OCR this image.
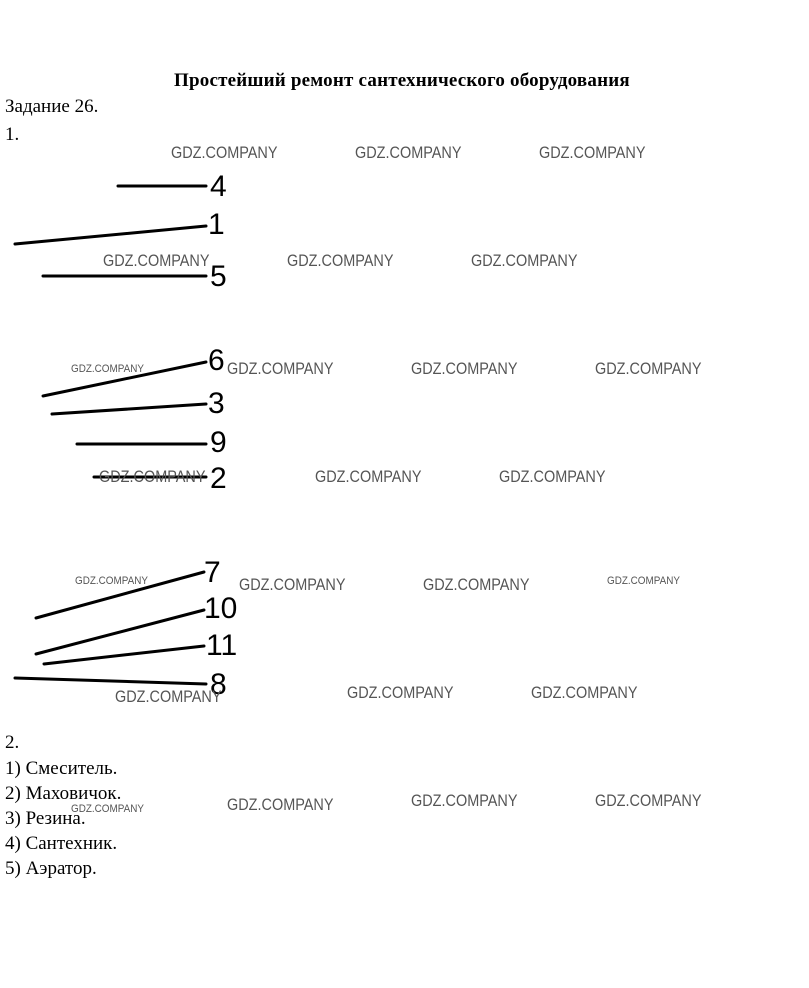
Простейший ремонт сантехнического оборудования
Задание 26.
1.
4
1
5
6
3
9
2
7
10
11
8
2.
1) Смеситель.
2) Маховичок.
3) Резина.
4) Сантехник.
5) Аэратор.
GDZ.COMPANY	GDZ.COMPANY	GDZ.COMPANY
GDZ.COMPANY	GDZ.COMPANY	GDZ.COMPANY
GDZ.COMPANY	GDZ.COMPANY	GDZ.COMPANY	GDZ.COMPANY
GDZ.COMPANY	GDZ.COMPANY	GDZ.COMPANY
GDZ.COMPANY	GDZ.COMPANY	GDZ.COMPANY	GDZ.COMPANY
GDZ.COMPANY	GDZ.COMPANY	GDZ.COMPANY
GDZ.COMPANY	GDZ.COMPANY	GDZ.COMPANY	GDZ.COMPANY
